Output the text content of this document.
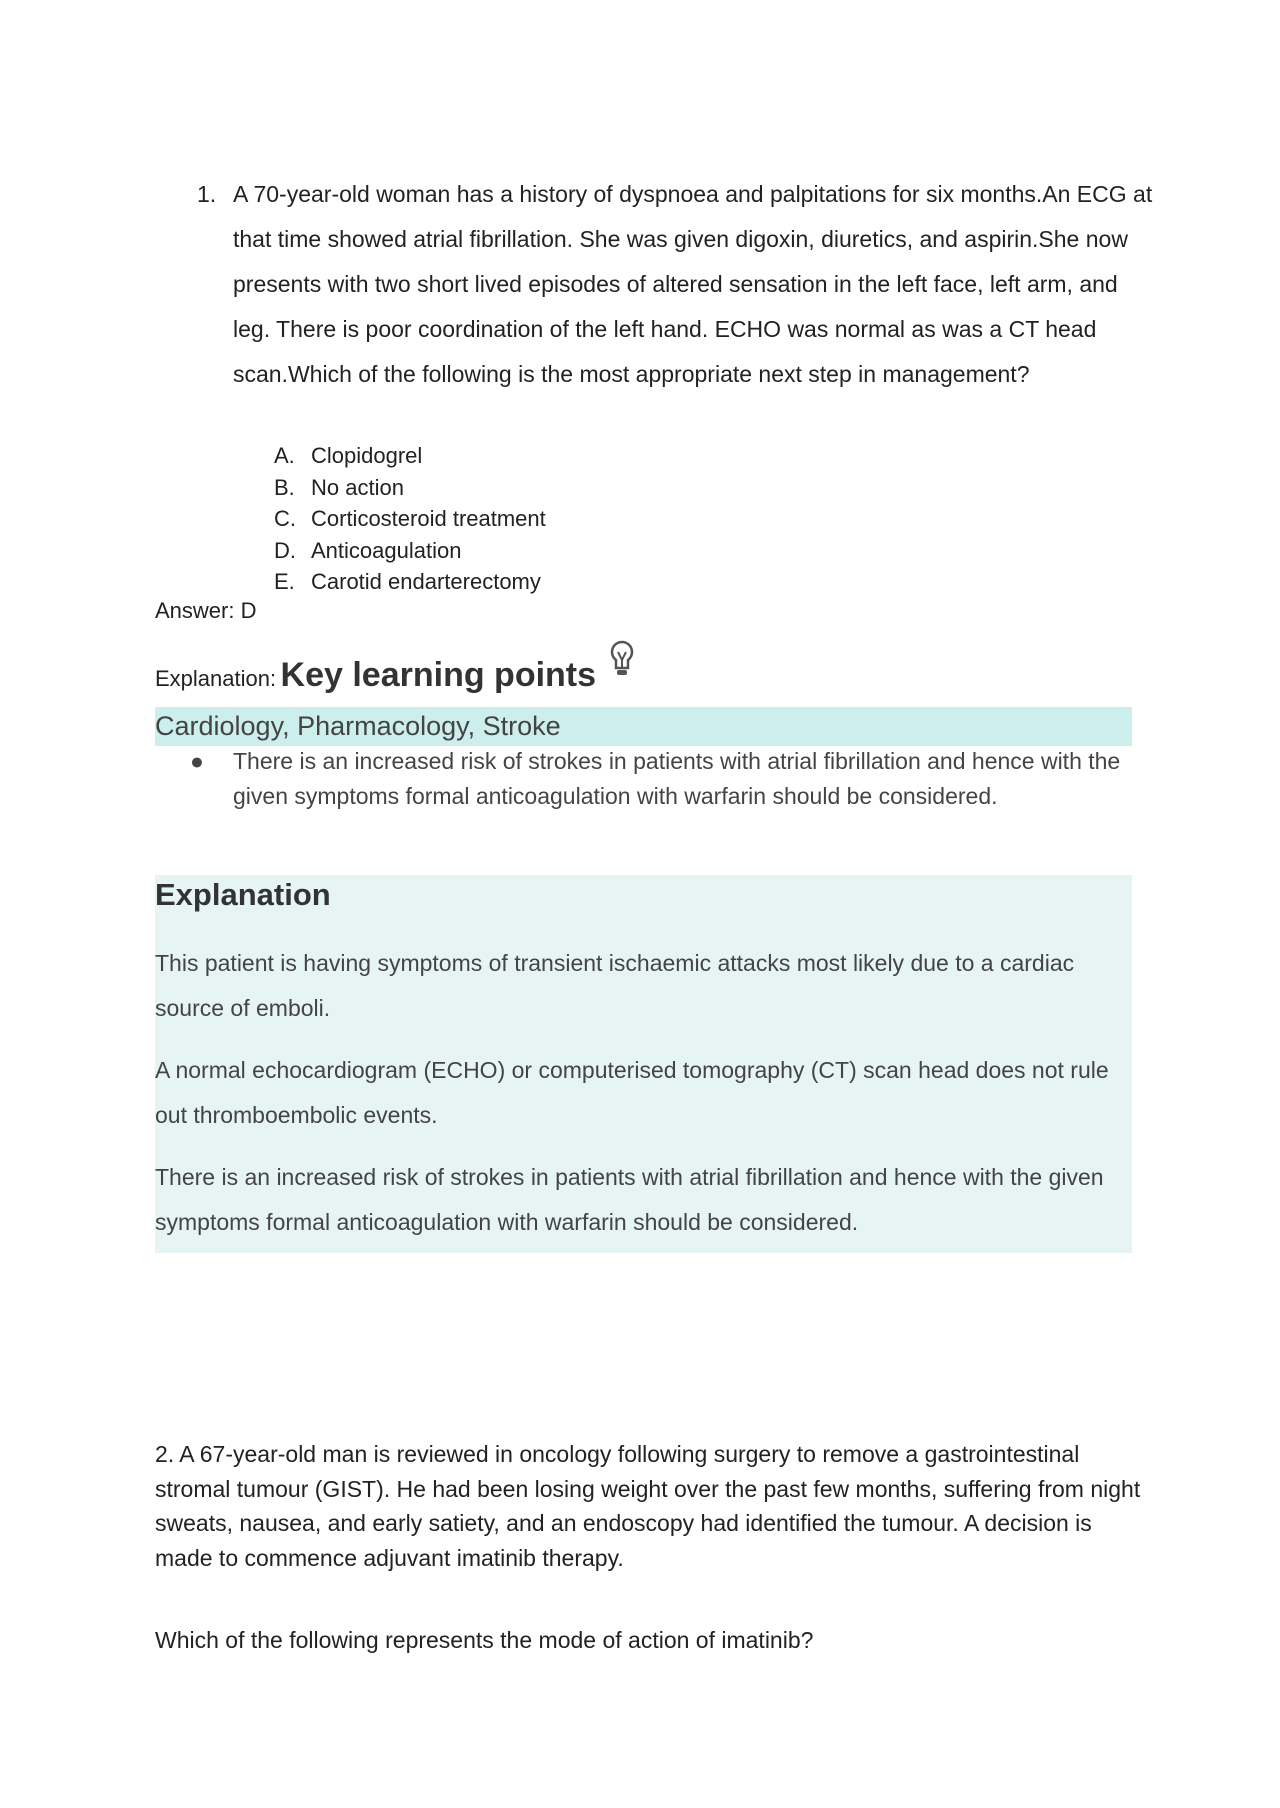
1. A 70-year-old woman has a history of dyspnoea and palpitations for six months.An ECG at that time showed atrial fibrillation. She was given digoxin, diuretics, and aspirin.She now presents with two short lived episodes of altered sensation in the left face, left arm, and leg. There is poor coordination of the left hand. ECHO was normal as was a CT head scan.Which of the following is the most appropriate next step in management?
A. Clopidogrel
B. No action
C. Corticosteroid treatment
D. Anticoagulation
E. Carotid endarterectomy
Answer: D
Explanation: Key learning points
Cardiology, Pharmacology, Stroke
● There is an increased risk of strokes in patients with atrial fibrillation and hence with the given symptoms formal anticoagulation with warfarin should be considered.
Explanation

This patient is having symptoms of transient ischaemic attacks most likely due to a cardiac source of emboli.

A normal echocardiogram (ECHO) or computerised tomography (CT) scan head does not rule out thromboembolic events.

There is an increased risk of strokes in patients with atrial fibrillation and hence with the given symptoms formal anticoagulation with warfarin should be considered.

2. A 67-year-old man is reviewed in oncology following surgery to remove a gastrointestinal stromal tumour (GIST). He had been losing weight over the past few months, suffering from night sweats, nausea, and early satiety, and an endoscopy had identified the tumour. A decision is made to commence adjuvant imatinib therapy.
Which of the following represents the mode of action of imatinib?
